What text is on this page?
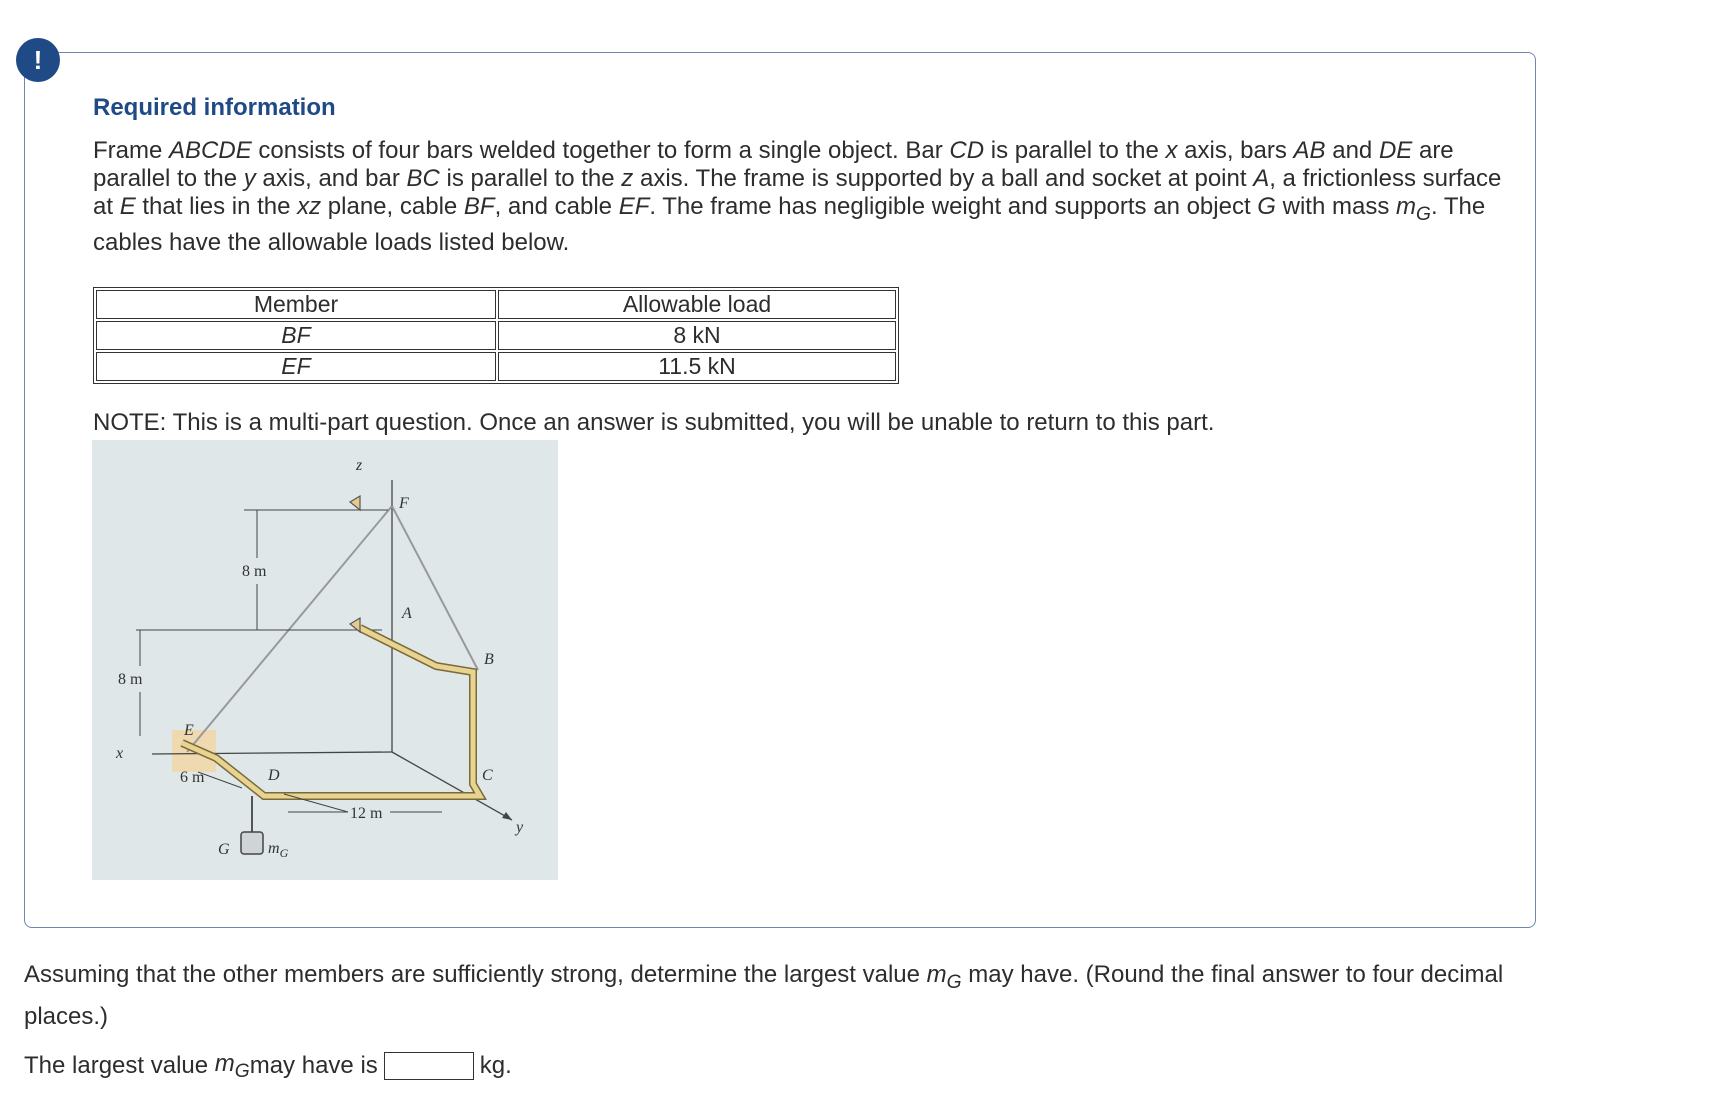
!
Required information
Frame ABCDE consists of four bars welded together to form a single object. Bar CD is parallel to the x axis, bars AB and DE are parallel to the y axis, and bar BC is parallel to the z axis. The frame is supported by a ball and socket at point A, a frictionless surface at E that lies in the xz plane, cable BF, and cable EF. The frame has negligible weight and supports an object G with mass $m_G$. The cables have the allowable loads listed below.
Member	Allowable load
BF	8 kN
EF	11.5 kN
NOTE: This is a multi-part question. Once an answer is submitted, you will be unable to return to this part.
z
F
A
B
C
D
E
x
y
G $m_G$
8 m
8 m
6 m
12 m
Assuming that the other members are sufficiently strong, determine the largest value $m_G$ may have. (Round the final answer to four decimal places.)
The largest value
$m_G$ may have is	kg.
